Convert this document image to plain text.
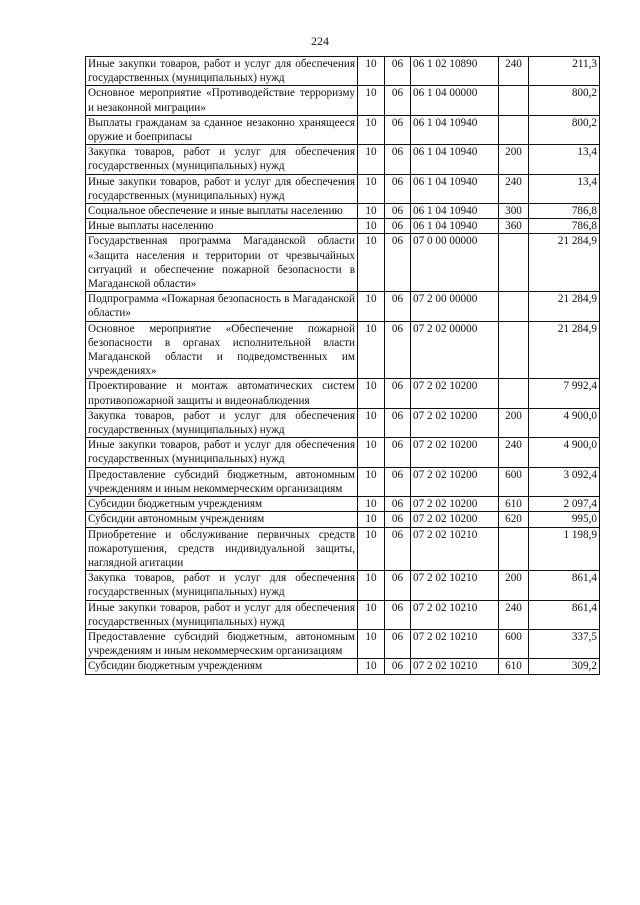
224
Иные закупки товаров, работ и услуг для обеспечения государственных (муниципальных) нужд	10	06	06 1 02 10890	240	211,3
Основное мероприятие «Противодействие терроризму и незаконной миграции»	10	06	06 1 04 00000		800,2
Выплаты гражданам за сданное незаконно хранящееся оружие и боеприпасы	10	06	06 1 04 10940		800,2
Закупка товаров, работ и услуг для обеспечения государственных (муниципальных) нужд	10	06	06 1 04 10940	200	13,4
Иные закупки товаров, работ и услуг для обеспечения государственных (муниципальных) нужд	10	06	06 1 04 10940	240	13,4
Социальное обеспечение и иные выплаты населению	10	06	06 1 04 10940	300	786,8
Иные выплаты населению	10	06	06 1 04 10940	360	786,8
Государственная программа Магаданской области «Защита населения и территории от чрезвычайных ситуаций и обеспечение пожарной безопасности в Магаданской области»	10	06	07 0 00 00000		21 284,9
Подпрограмма «Пожарная безопасность в Магаданской области»	10	06	07 2 00 00000		21 284,9
Основное мероприятие «Обеспечение пожарной безопасности в органах исполнительной власти Магаданской области и подведомственных им учреждениях»	10	06	07 2 02 00000		21 284,9
Проектирование и монтаж автоматических систем противопожарной защиты и видеонаблюдения	10	06	07 2 02 10200		7 992,4
Закупка товаров, работ и услуг для обеспечения государственных (муниципальных) нужд	10	06	07 2 02 10200	200	4 900,0
Иные закупки товаров, работ и услуг для обеспечения государственных (муниципальных) нужд	10	06	07 2 02 10200	240	4 900,0
Предоставление субсидий бюджетным, автономным учреждениям и иным некоммерческим организациям	10	06	07 2 02 10200	600	3 092,4
Субсидии бюджетным учреждениям	10	06	07 2 02 10200	610	2 097,4
Субсидии автономным учреждениям	10	06	07 2 02 10200	620	995,0
Приобретение и обслуживание первичных средств пожаротушения, средств индивидуальной защиты, наглядной агитации	10	06	07 2 02 10210		1 198,9
Закупка товаров, работ и услуг для обеспечения государственных (муниципальных) нужд	10	06	07 2 02 10210	200	861,4
Иные закупки товаров, работ и услуг для обеспечения государственных (муниципальных) нужд	10	06	07 2 02 10210	240	861,4
Предоставление субсидий бюджетным, автономным учреждениям и иным некоммерческим организациям	10	06	07 2 02 10210	600	337,5
Субсидии бюджетным учреждениям	10	06	07 2 02 10210	610	309,2
